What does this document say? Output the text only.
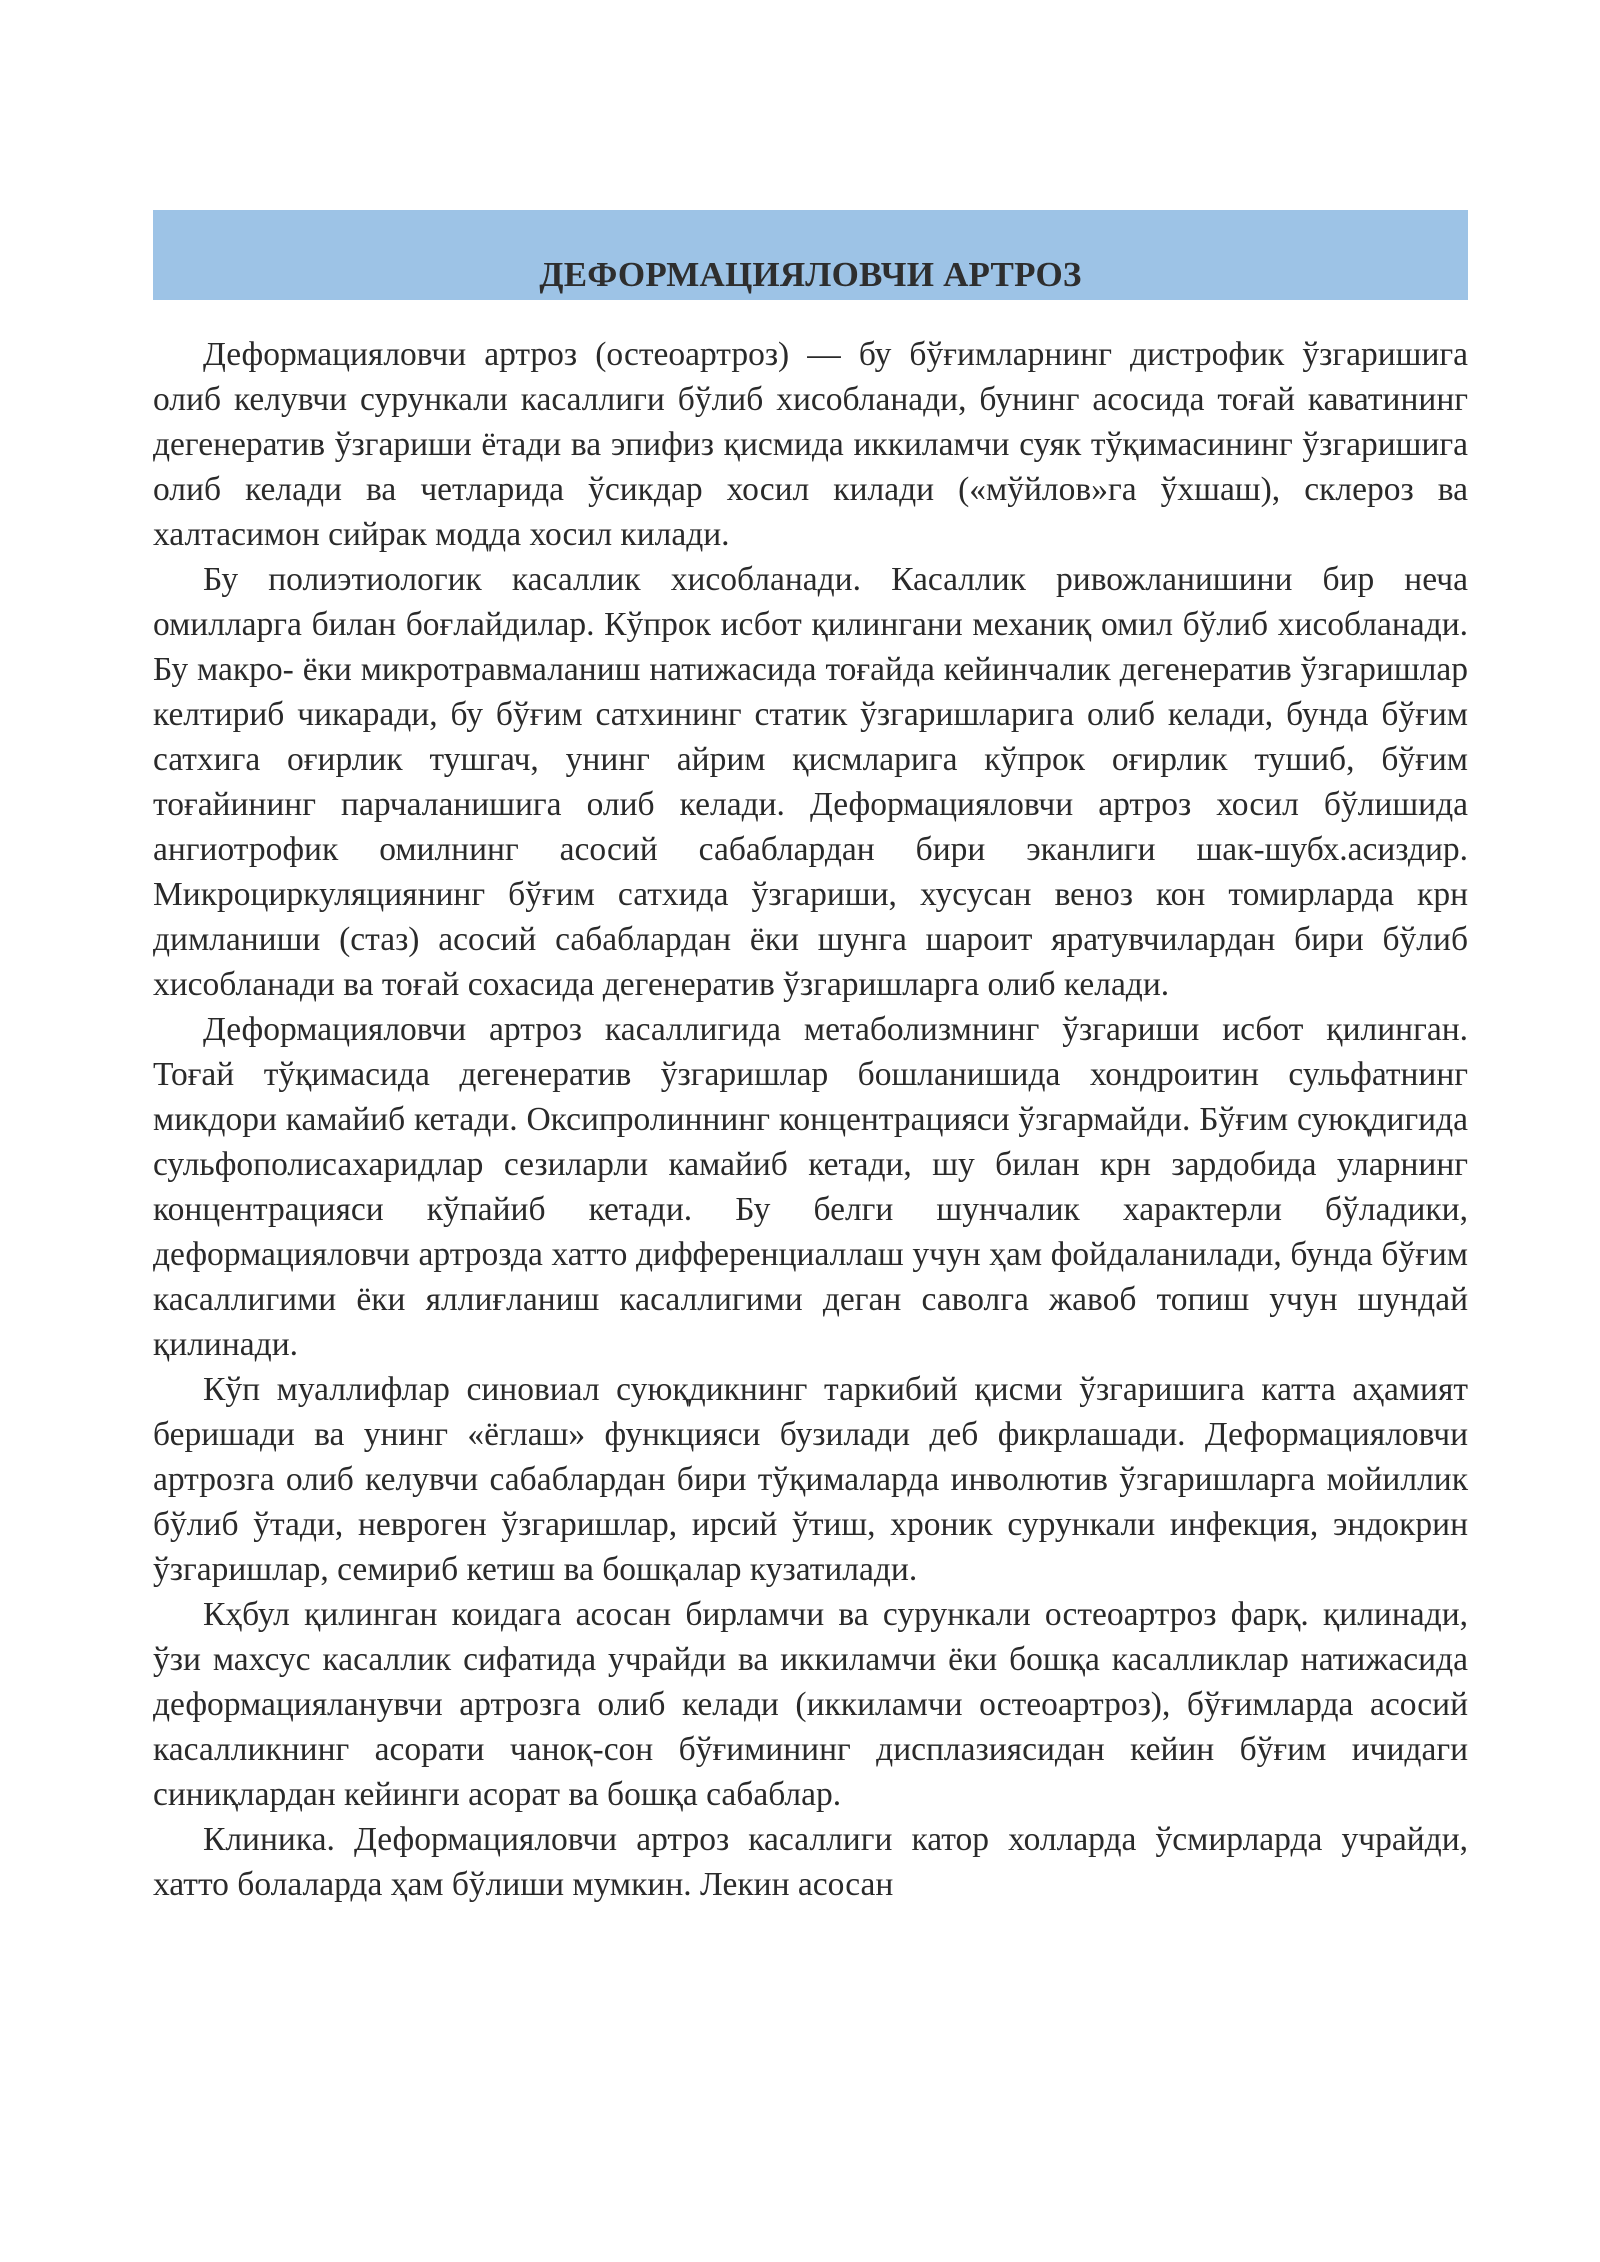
ДЕФОРМАЦИЯЛОВЧИ АРТРОЗ

Деформацияловчи артроз (остеоартроз) — бу бўғимларнинг дистрофик ўзгаришига олиб келувчи сурункали касаллиги бўлиб хисобланади, бунинг асосида тоғай каватининг дегенератив ўзгариши ётади ва эпифиз қисмида иккиламчи суяк тўқимасининг ўзгаришига олиб келади ва четларида ўсикдар хосил килади («мўйлов»га ўхшаш), склероз ва халтасимон сийрак модда хосил килади.

Бу полиэтиологик касаллик хисобланади. Касаллик ривожланишини бир неча омилларга билан боғлайдилар. Кўпрок исбот қилингани механиқ омил бўлиб хисобланади. Бу макро- ёки микротравмаланиш натижасида тоғайда кейинчалик дегенератив ўзгаришлар келтириб чикаради, бу бўғим сатхининг статик ўзгаришларига олиб келади, бунда бўғим сатхига оғирлик тушгач, унинг айрим қисмларига кўпрок оғирлик тушиб, бўғим тоғайининг парчаланишига олиб келади. Деформацияловчи артроз хосил бўлишида ангиотрофик омилнинг асосий сабаблардан бири эканлиги шак-шубх.асиздир. Микроциркуляциянинг бўғим сатхида ўзгариши, хусусан веноз кон томирларда крн димланиши (стаз) асосий сабаблардан ёки шунга шароит яратувчилардан бири бўлиб хисобланади ва тоғай сохасида дегенератив ўзгаришларга олиб келади.

Деформацияловчи артроз касаллигида метаболизмнинг ўзгариши исбот қилинган. Тоғай тўқимасида дегенератив ўзгаришлар бошланишида хондроитин сульфатнинг микдори камайиб кетади. Оксипролиннинг концентрацияси ўзгармайди. Бўғим суюқдигида сульфополисахаридлар сезиларли камайиб кетади, шу билан крн зардобида уларнинг концентрацияси кўпайиб кетади. Бу белги шунчалик характерли бўладики, деформацияловчи артрозда хатто дифференциаллаш учун ҳам фойдаланилади, бунда бўғим касаллигими ёки яллиғланиш касаллигими деган саволга жавоб топиш учун шундай қилинади.

Кўп муаллифлар синовиал суюқдикнинг таркибий қисми ўзгаришига катта аҳамият беришади ва унинг «ёглаш» функцияси бузилади деб фикрлашади. Деформацияловчи артрозга олиб келувчи сабаблардан бири тўқималарда инволютив ўзгаришларга мойиллик бўлиб ўтади, неврогeн ўзгаришлар, ирсий ўтиш, хроник сурункали инфекция, эндокрин ўзгаришлар, семириб кетиш ва бошқалар кузатилади.

Кҳбул қилинган коидага асосан бирламчи ва сурункали остеоартроз фарқ. қилинади, ўзи махсус касаллик сифатида учрайди ва иккиламчи ёки бошқа касалликлар натижасида деформацияланувчи артрозга олиб келади (иккиламчи остеоартроз), бўғимларда асосий касалликнинг асорати чаноқ-сон бўғимининг дисплазиясидан кейин бўғим ичидаги синиқлардан кейинги асорат ва бошқа сабаблар.

Клиника. Деформацияловчи артроз касаллиги катор холларда ўсмирларда учрайди, хатто болаларда ҳам бўлиши мумкин. Лекин асосан
